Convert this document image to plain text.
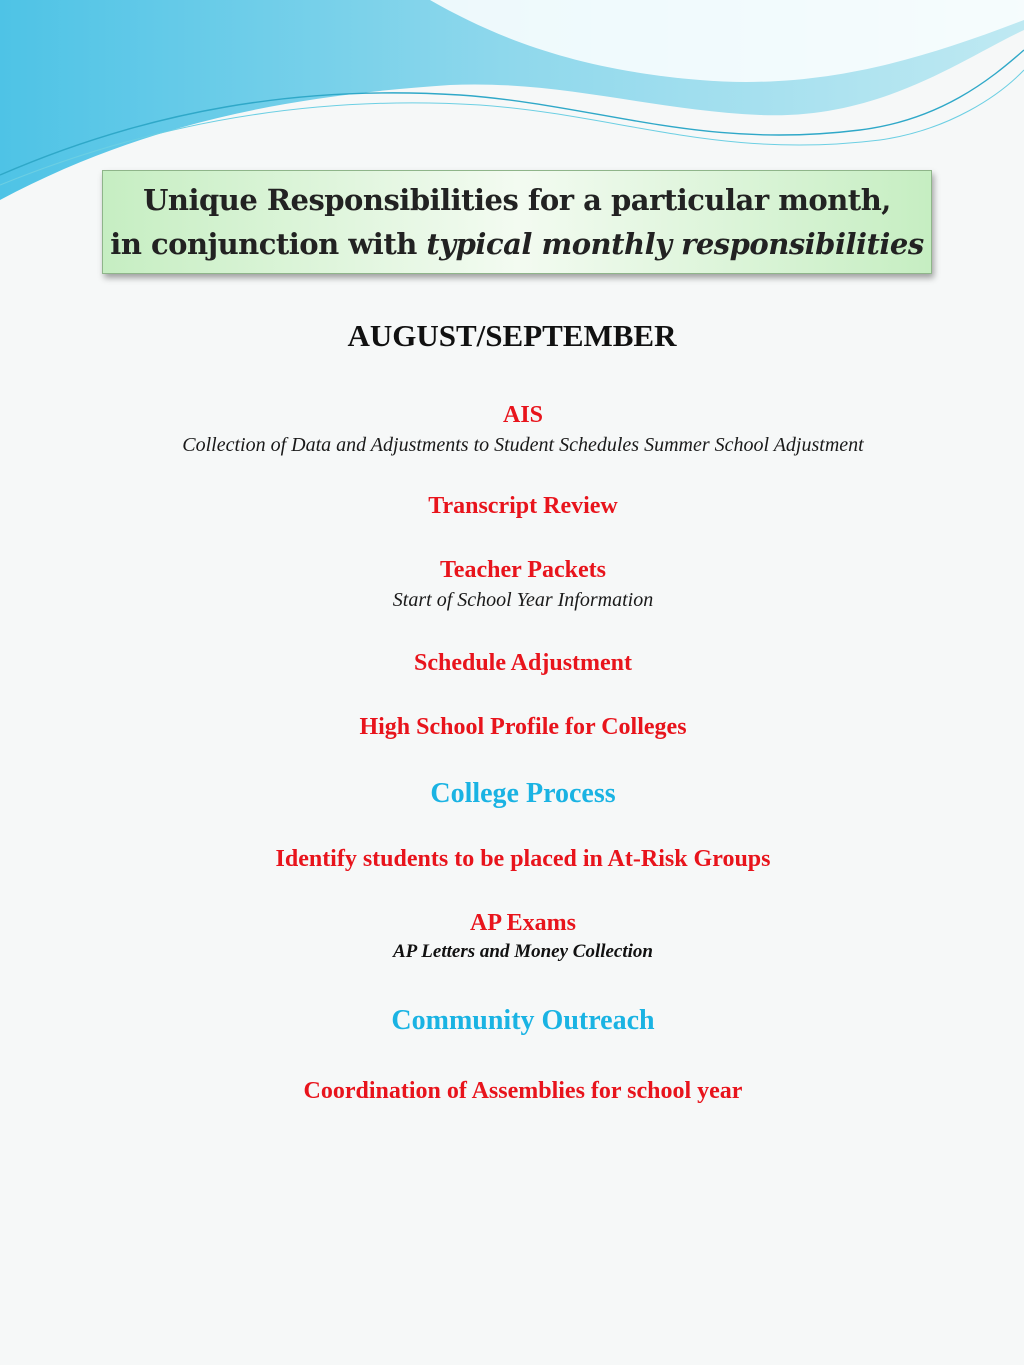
Unique Responsibilities for a particular month,
in conjunction with typical monthly responsibilities
AUGUST/SEPTEMBER
AIS
Collection of Data and Adjustments to Student Schedules Summer School Adjustment
Transcript Review
Teacher Packets
Start of School Year Information
Schedule Adjustment
High School Profile for Colleges
College Process
Identify students to be placed in At-Risk Groups
AP Exams
AP Letters and Money Collection
Community Outreach
Coordination of Assemblies for school year
